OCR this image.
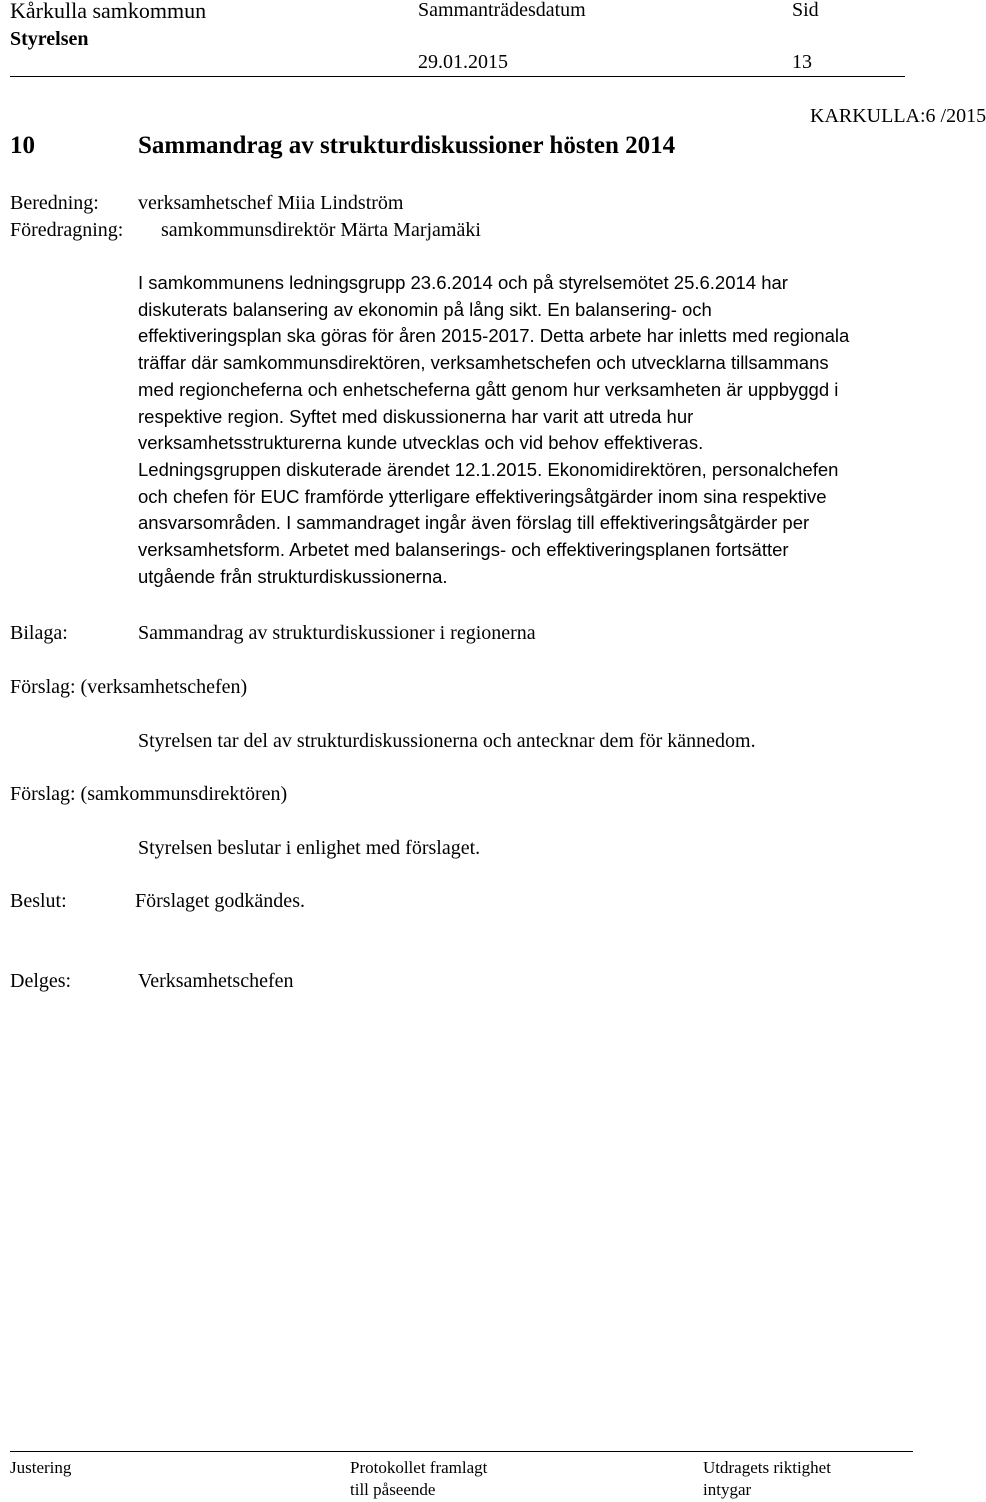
Kårkulla samkommun
Styrelsen
Sammanträdesdatum
29.01.2015
Sid
13
KARKULLA:6 /2015
10	Sammandrag av strukturdiskussioner hösten 2014
Beredning: verksamhetschef Miia Lindström
Föredragning: samkommunsdirektör Märta Marjamäki
I samkommunens ledningsgrupp 23.6.2014 och på styrelsemötet 25.6.2014 har
diskuterats balansering av ekonomin på lång sikt. En balansering- och
effektiveringsplan ska göras för åren 2015-2017. Detta arbete har inletts med regionala
träffar där samkommunsdirektören, verksamhetschefen och utvecklarna tillsammans
med regioncheferna och enhetscheferna gått genom hur verksamheten är uppbyggd i
respektive region. Syftet med diskussionerna har varit att utreda hur
verksamhetsstrukturerna kunde utvecklas och vid behov effektiveras.
Ledningsgruppen diskuterade ärendet 12.1.2015. Ekonomidirektören, personalchefen
och chefen för EUC framförde ytterligare effektiveringsåtgärder inom sina respektive
ansvarsområden. I sammandraget ingår även förslag till effektiveringsåtgärder per
verksamhetsform. Arbetet med balanserings- och effektiveringsplanen fortsätter
utgående från strukturdiskussionerna.
Bilaga:	Sammandrag av strukturdiskussioner i regionerna
Förslag: (verksamhetschefen)
Styrelsen tar del av strukturdiskussionerna och antecknar dem för kännedom.
Förslag: (samkommunsdirektören)
Styrelsen beslutar i enlighet med förslaget.
Beslut:	Förslaget godkändes.
Delges:	Verksamhetschefen
Justering	Protokollet framlagt
till påseende
Utdragets riktighet
intygar
